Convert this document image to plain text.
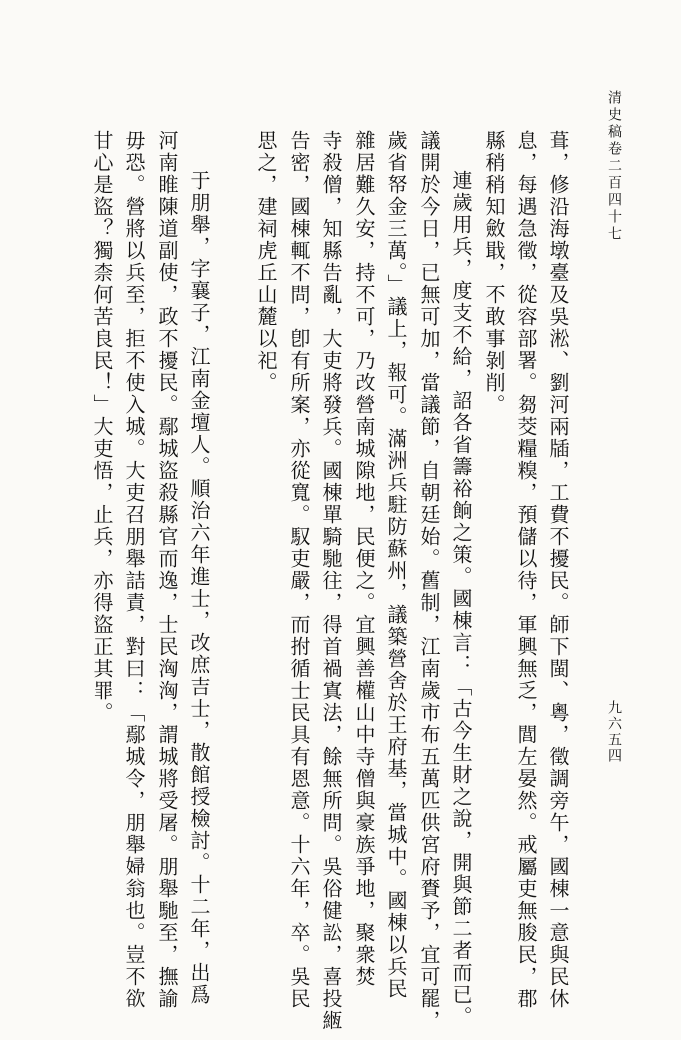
清史稿卷二百四十七
九六五四
葺，修沿海墩臺及吳淞、劉河兩牐，工費不擾民。師下閩、粵，徵調旁午，國棟一意與民休
息，每遇急徵，從容部署。芻茭糧糗，預儲以待，軍興無乏，閭左晏然。戒屬吏無朘民，郡
縣稍稍知斂戢，不敢事剝削。
連歲用兵，度支不給，詔各省籌裕餉之策。國棟言：「古今生財之說，開與節二者而已。
議開於今日，已無可加，當議節，自朝廷始。舊制，江南歲市布五萬匹供宮府賚予，宜可罷，
歲省帑金三萬。」議上，報可。滿洲兵駐防蘇州，議築營舍於王府基，當城中。國棟以兵民
雜居難久安，持不可，乃改營南城隙地，民便之。宜興善權山中寺僧與豪族爭地，聚衆焚
寺殺僧，知縣告亂，大吏將發兵。國棟單騎馳往，得首禍寘法，餘無所問。吳俗健訟，喜投緪
告密，國棟輒不問，卽有所案，亦從寬。馭吏嚴，而拊循士民具有恩意。十六年，卒。吳民
思之，建祠虎丘山麓以祀。
于朋舉，字襄子，江南金壇人。順治六年進士，改庶吉士，散館授檢討。十二年，出爲
河南睢陳道副使，政不擾民。鄢城盜殺縣官而逸，士民洶洶，謂城將受屠。朋舉馳至，撫諭
毋恐。營將以兵至，拒不使入城。大吏召朋舉詰責，對曰：「鄢城令，朋舉婦翁也。豈不欲
甘心是盜？獨柰何苦良民！」大吏悟，止兵，亦得盜正其罪。
